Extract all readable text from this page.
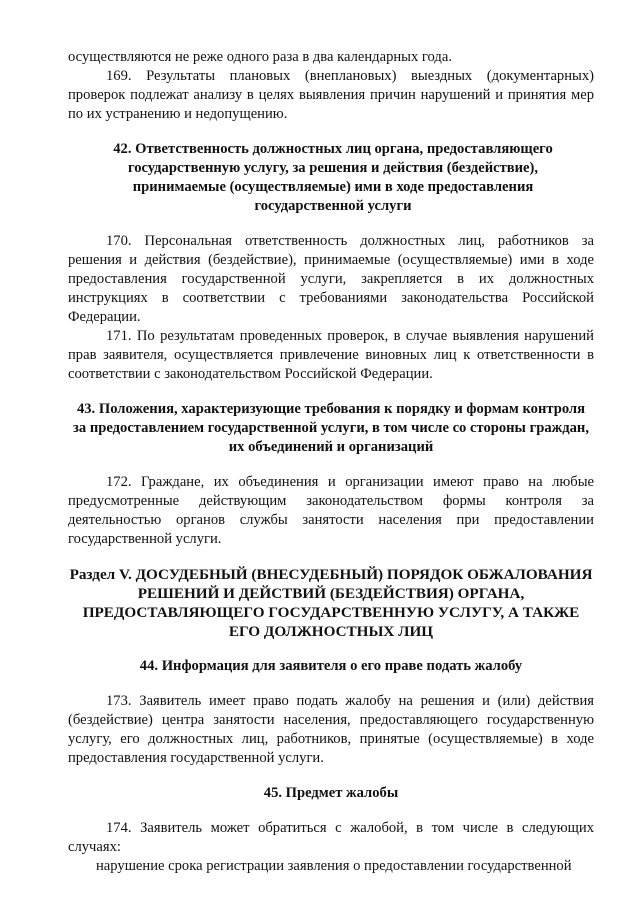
осуществляются не реже одного раза в два календарных года.

169. Результаты плановых (внеплановых) выездных (документарных) проверок подлежат анализу в целях выявления причин нарушений и принятия мер по их устранению и недопущению.

42. Ответственность должностных лиц органа, предоставляющего государственную услугу, за решения и действия (бездействие), принимаемые (осуществляемые) ими в ходе предоставления государственной услуги

170. Персональная ответственность должностных лиц, работников за решения и действия (бездействие), принимаемые (осуществляемые) ими в ходе предоставления государственной услуги, закрепляется в их должностных инструкциях в соответствии с требованиями законодательства Российской Федерации.

171. По результатам проведенных проверок, в случае выявления нарушений прав заявителя, осуществляется привлечение виновных лиц к ответственности в соответствии с законодательством Российской Федерации.

43. Положения, характеризующие требования к порядку и формам контроля за предоставлением государственной услуги, в том числе со стороны граждан, их объединений и организаций

172. Граждане, их объединения и организации имеют право на любые предусмотренные действующим законодательством формы контроля за деятельностью органов службы занятости населения при предоставлении государственной услуги.

Раздел V. ДОСУДЕБНЫЙ (ВНЕСУДЕБНЫЙ) ПОРЯДОК ОБЖАЛОВАНИЯ РЕШЕНИЙ И ДЕЙСТВИЙ (БЕЗДЕЙСТВИЯ) ОРГАНА, ПРЕДОСТАВЛЯЮЩЕГО ГОСУДАРСТВЕННУЮ УСЛУГУ, А ТАКЖЕ ЕГО ДОЛЖНОСТНЫХ ЛИЦ
44. Информация для заявителя о его праве подать жалобу

173. Заявитель имеет право подать жалобу на решения и (или) действия (бездействие) центра занятости населения, предоставляющего государственную услугу, его должностных лиц, работников, принятые (осуществляемые) в ходе предоставления государственной услуги.

45. Предмет жалобы

174. Заявитель может обратиться с жалобой, в том числе в следующих случаях:

нарушение срока регистрации заявления о предоставлении государственной
